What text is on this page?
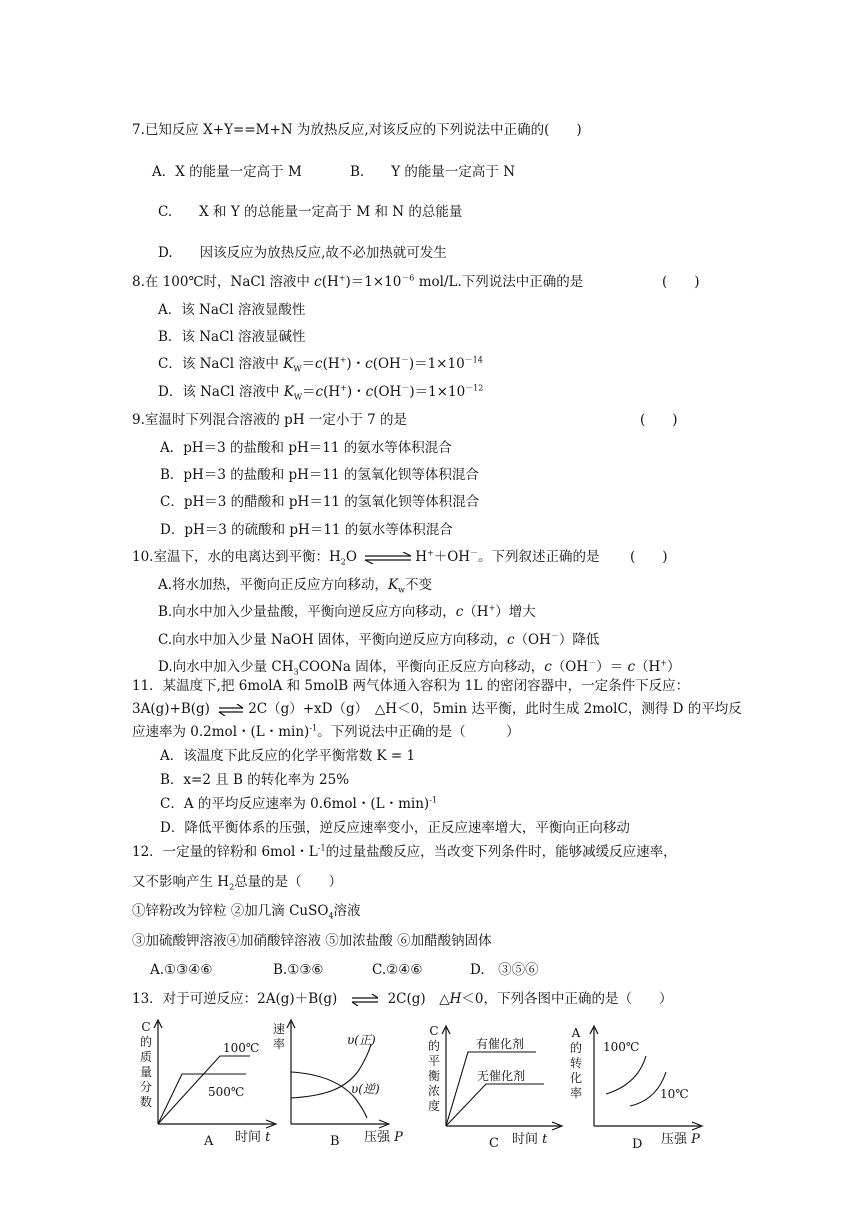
7.已知反应 X+Y==M+N 为放热反应,对该反应的下列说法中正确的(　　)
A．X 的能量一定高于 M	B.　　Y 的能量一定高于 N
C.　　X 和 Y 的总能量一定高于 M 和 N 的总能量
D.　　因该反应为放热反应,故不必加热就可发生
8.在 100℃时，NaCl 溶液中 $c(H^+)=1\times 10^{-6}$ mol/L.下列说法中正确的是	(　　)
A．该 NaCl 溶液显酸性
B．该 NaCl 溶液显碱性
C．该 NaCl 溶液中 $K_W=c(H^+)$・$c(OH^-)=1\times 10^{-14}$
D．该 NaCl 溶液中 $K_W=c(H^+)$・$c(OH^-)=1\times 10^{-12}$
9.室温时下列混合溶液的 pH 一定小于 7 的是	(　　)
A．pH＝3 的盐酸和 pH＝11 的氨水等体积混合
B．pH＝3 的盐酸和 pH＝11 的氢氧化钡等体积混合
C．pH＝3 的醋酸和 pH＝11 的氢氧化钡等体积混合
D．pH＝3 的硫酸和 pH＝11 的氨水等体积混合
10.室温下，水的电离达到平衡：$H_2O$ ⇌ H+＋OH－。下列叙述正确的是 (　　)
A.将水加热，平衡向正反应方向移动，$K_w$不变
B.向水中加入少量盐酸，平衡向逆反应方向移动，c（H+）增大
C.向水中加入少量 NaOH 固体，平衡向逆反应方向移动，c（OH－）降低
D.向水中加入少量 $CH_3COONa$ 固体，平衡向正反应方向移动，c（OH－）＝ c（H+）
11．某温度下,把 6molA 和 5molB 两气体通入容积为 1L 的密闭容器中，一定条件下反应：
3A(g)+B(g) ⇌ 2C（g）+xD（g）　△H＜0，5min 达平衡，此时生成 2molC，测得 D 的平均反
应速率为 0.2mol・(L・min)$^{-1}$。下列说法中正确的是（　　　）
A．该温度下此反应的化学平衡常数 K = 1
B．x=2 且 B 的转化率为 25%
C．A 的平均反应速率为 0.6mol・(L・min)$^{-1}$
D．降低平衡体系的压强，逆反应速率变小，正反应速率增大，平衡向正向移动
12．一定量的锌粉和 6mol・$L^{-1}$的过量盐酸反应，当改变下列条件时，能够减缓反应速率，
又不影响产生 $H_2$总量的是（　　）
①锌粉改为锌粒 ②加几滴 CuSO$_4$溶液
③加硫酸钾溶液④加硝酸锌溶液 ⑤加浓盐酸 ⑥加醋酸钠固体
A.①③④⑥	B.①③⑥	C.②④⑥	D.　③⑤⑥
13．对于可逆反应：2A(g)＋B(g) ⇌ 2C(g)　△H＜0，下列各图中正确的是（　　）
C
的
质
量
分
数
100℃
500℃
时间 t
A
速
率	υ(正)
υ(逆)
压强 P
B
C
的
平
衡
浓
度
有催化剂
无催化剂
时间 t
C
A
的
转
化
率
100℃
10℃
压强 P
D
